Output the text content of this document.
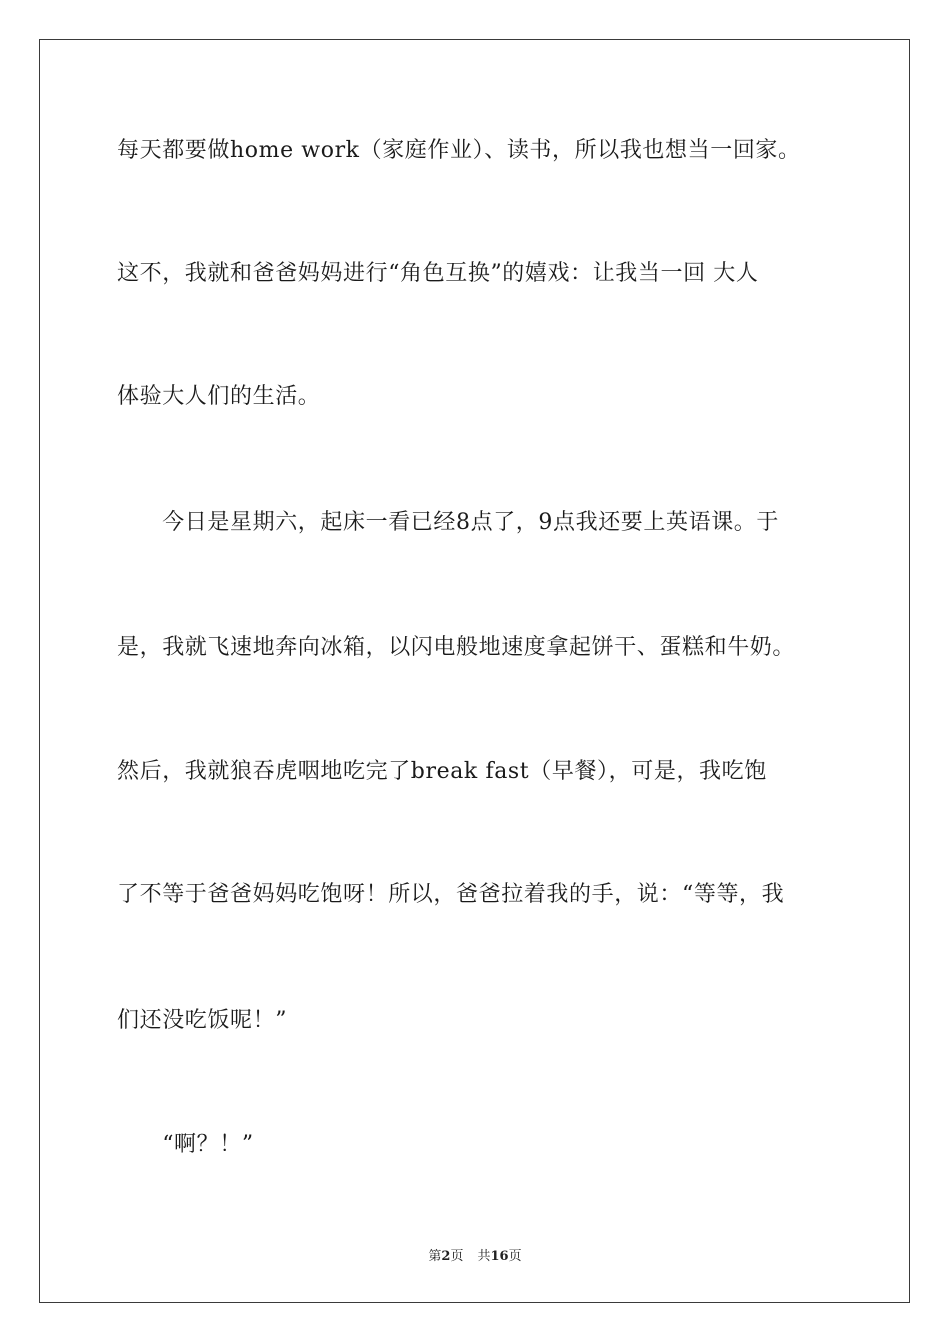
每天都要做home work（家庭作业）、读书，所以我也想当一回家。
这不，我就和爸爸妈妈进行“角色互换”的嬉戏：让我当一回 大人
体验大人们的生活。
　　今日是星期六，起床一看已经8点了，9点我还要上英语课。于
是，我就飞速地奔向冰箱，以闪电般地速度拿起饼干、蛋糕和牛奶。
然后，我就狼吞虎咽地吃完了break fast（早餐），可是，我吃饱
了不等于爸爸妈妈吃饱呀！所以，爸爸拉着我的手，说：“等等，我
们还没吃饭呢！”
　　“啊？！”
第2页 共16页
